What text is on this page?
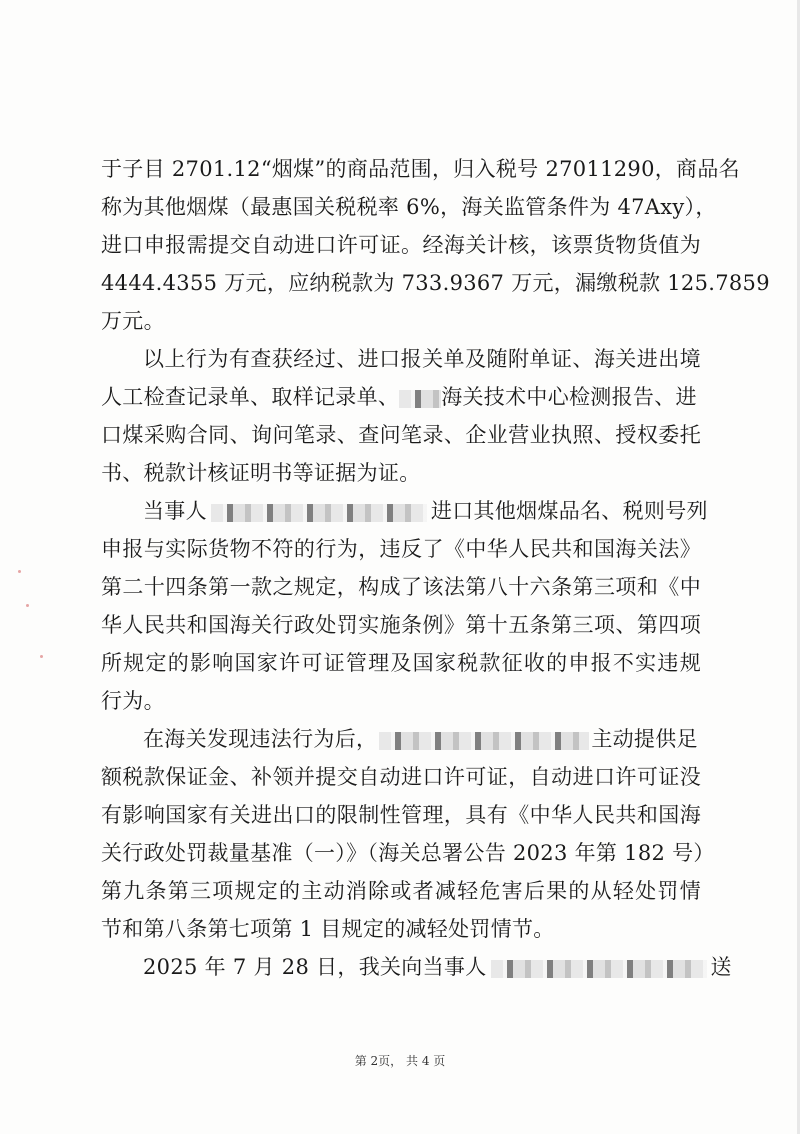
于子目 2701.12“烟煤”的商品范围，归入税号 27011290，商品名
称为其他烟煤（最惠国关税税率 6%，海关监管条件为 47Axy），
进口申报需提交自动进口许可证。经海关计核，该票货物货值为
4444.4355 万元，应纳税款为 733.9367 万元，漏缴税款 125.7859
万元。
以上行为有查获经过、进口报关单及随附单证、海关进出境
人工检查记录单、取样记录单、 海关技术中心检测报告、进
口煤采购合同、询问笔录、查问笔录、企业营业执照、授权委托
书、税款计核证明书等证据为证。
当事人	进口其他烟煤品名、税则号列
申报与实际货物不符的行为，违反了《中华人民共和国海关法》
第二十四条第一款之规定，构成了该法第八十六条第三项和《中
华人民共和国海关行政处罚实施条例》第十五条第三项、第四项
所规定的影响国家许可证管理及国家税款征收的申报不实违规
行为。
在海关发现违法行为后，	主动提供足
额税款保证金、补领并提交自动进口许可证，自动进口许可证没
有影响国家有关进出口的限制性管理，具有《中华人民共和国海
关行政处罚裁量基准（一）》（海关总署公告 2023 年第 182 号）
第九条第三项规定的主动消除或者减轻危害后果的从轻处罚情
节和第八条第七项第 1 目规定的减轻处罚情节。
2025 年 7 月 28 日，我关向当事人	送
第 2页， 共 4 页
